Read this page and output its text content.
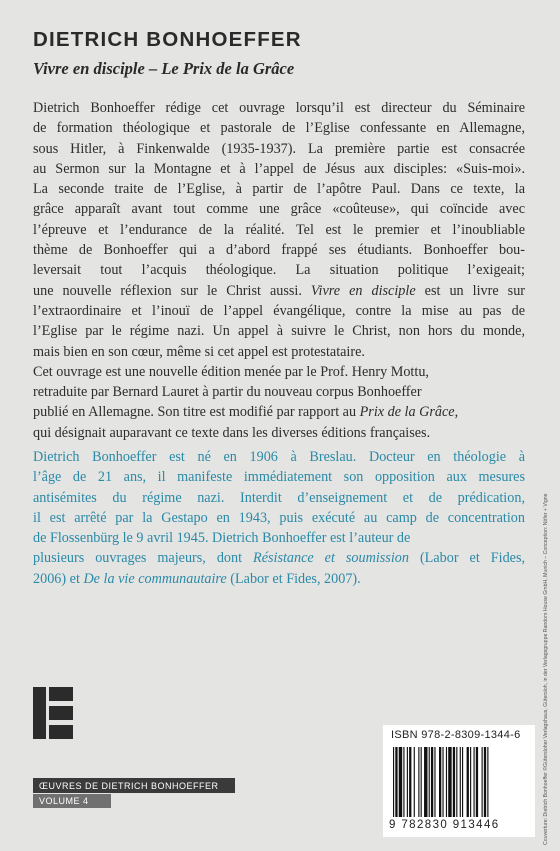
DIETRICH BONHOEFFER
Vivre en disciple – Le Prix de la Grâce
Dietrich Bonhoeffer rédige cet ouvrage lorsqu’il est directeur du Séminaire
de formation théologique et pastorale de l’Eglise confessante en Allemagne,
sous Hitler, à Finkenwalde (1935-1937). La première partie est consacrée
au Sermon sur la Montagne et à l’appel de Jésus aux disciples: «Suis-moi».
La seconde traite de l’Eglise, à partir de l’apôtre Paul. Dans ce texte, la
grâce apparaît avant tout comme une grâce «coûteuse», qui coïncide avec
l’épreuve et l’endurance de la réalité. Tel est le premier et l’inoubliable
thème de Bonhoeffer qui a d’abord frappé ses étudiants. Bonhoeffer bou-
leversait tout l’acquis théologique. La situation politique l’exigeait;
une nouvelle réflexion sur le Christ aussi. Vivre en disciple est un livre sur
l’extraordinaire et l’inouï de l’appel évangélique, contre la mise au pas de
l’Eglise par le régime nazi. Un appel à suivre le Christ, non hors du monde,
mais bien en son cœur, même si cet appel est protestataire.
Cet ouvrage est une nouvelle édition menée par le Prof. Henry Mottu,
retraduite par Bernard Lauret à partir du nouveau corpus Bonhoeffer
publié en Allemagne. Son titre est modifié par rapport au Prix de la Grâce,
qui désignait auparavant ce texte dans les diverses éditions françaises.
Dietrich Bonhoeffer est né en 1906 à Breslau. Docteur en théologie à
l’âge de 21 ans, il manifeste immédiatement son opposition aux mesures
antisémites du régime nazi. Interdit d’enseignement et de prédication,
il est arrêté par la Gestapo en 1943, puis exécuté au camp de concentration
de Flossenbürg le 9 avril 1945. Dietrich Bonhoeffer est l’auteur de
plusieurs ouvrages majeurs, dont Résistance et soumission (Labor et Fides,
2006) et De la vie communautaire (Labor et Fides, 2007).
ŒUVRES DE DIETRICH BONHOEFFER
VOLUME 4
ISBN 978-2-8309-1344-6
9 782830 913446	Couverture: Dietrich Bonhoeffer ©Gütersloher Verlagshaus, Gütersloh, in der Verlagsgruppe Random House GmbH, Munich – Conception: Nöfer + Vigne
